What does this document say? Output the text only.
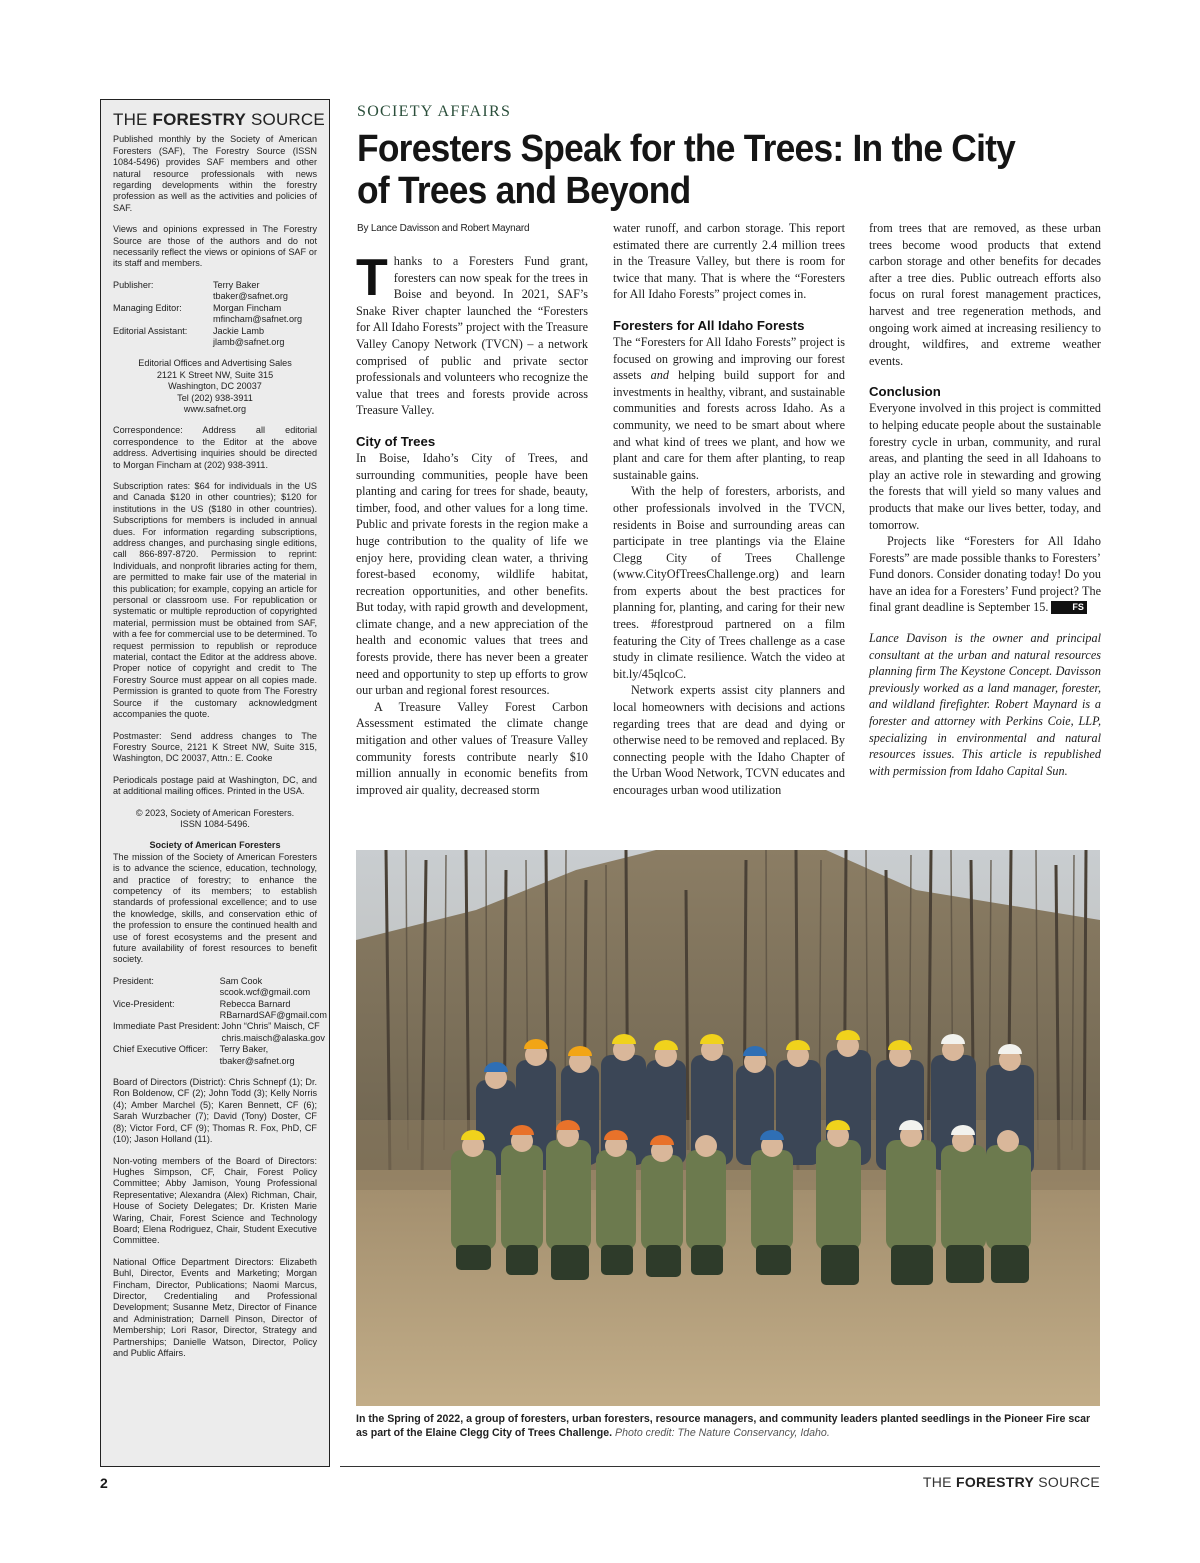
THE FORESTRY SOURCE

Published monthly by the Society of American Foresters (SAF), The Forestry Source (ISSN 1084-5496) provides SAF members and other natural resource professionals with news regarding developments within the forestry profession as well as the activities and policies of SAF.

Views and opinions expressed in The Forestry Source are those of the authors and do not necessarily reflect the views or opinions of SAF or its staff and members.

Publisher:	Terry Baker
tbaker@safnet.org
Managing Editor:	Morgan Fincham
mfincham@safnet.org
Editorial Assistant:	Jackie Lamb
jlamb@safnet.org
Editorial Offices and Advertising Sales
2121 K Street NW, Suite 315
Washington, DC 20037
Tel (202) 938-3911
www.safnet.org

Correspondence: Address all editorial correspondence to the Editor at the above address. Advertising inquiries should be directed to Morgan Fincham at (202) 938-3911.

Subscription rates: $64 for individuals in the US and Canada $120 in other countries); $120 for institutions in the US ($180 in other countries). Subscriptions for members is included in annual dues. For information regarding subscriptions, address changes, and purchasing single editions, call 866-897-8720. Permission to reprint: Individuals, and nonprofit libraries acting for them, are permitted to make fair use of the material in this publication; for example, copying an article for personal or classroom use. For republication or systematic or multiple reproduction of copyrighted material, permission must be obtained from SAF, with a fee for commercial use to be determined. To request permission to republish or reproduce material, contact the Editor at the address above. Proper notice of copyright and credit to The Forestry Source must appear on all copies made. Permission is granted to quote from The Forestry Source if the customary acknowledgment accompanies the quote.

Postmaster: Send address changes to The Forestry Source, 2121 K Street NW, Suite 315, Washington, DC 20037, Attn.: E. Cooke

Periodicals postage paid at Washington, DC, and at additional mailing offices. Printed in the USA.

© 2023, Society of American Foresters.
ISSN 1084-5496.

Society of American Foresters

The mission of the Society of American Foresters is to advance the science, education, technology, and practice of forestry; to enhance the competency of its members; to establish standards of professional excellence; and to use the knowledge, skills, and conservation ethic of the profession to ensure the continued health and use of forest ecosystems and the present and future availability of forest resources to benefit society.

President:	Sam Cook
scook.wcf@gmail.com
Vice-President:	Rebecca Barnard
RBarnardSAF@gmail.com
Immediate Past President:	John “Chris” Maisch, CF
chris.maisch@alaska.gov
Chief Executive Officer:	Terry Baker,
tbaker@safnet.org

Board of Directors (District): Chris Schnepf (1); Dr. Ron Boldenow, CF (2); John Todd (3); Kelly Norris (4); Amber Marchel (5); Karen Bennett, CF (6); Sarah Wurzbacher (7); David (Tony) Doster, CF (8); Victor Ford, CF (9); Thomas R. Fox, PhD, CF (10); Jason Holland (11).

Non-voting members of the Board of Directors: Hughes Simpson, CF, Chair, Forest Policy Committee; Abby Jamison, Young Professional Representative; Alexandra (Alex) Richman, Chair, House of Society Delegates; Dr. Kristen Marie Waring, Chair, Forest Science and Technology Board; Elena Rodriguez, Chair, Student Executive Committee.

National Office Department Directors: Elizabeth Buhl, Director, Events and Marketing; Morgan Fincham, Director, Publications; Naomi Marcus, Director, Credentialing and Professional Development; Susanne Metz, Director of Finance and Administration; Darnell Pinson, Director of Membership; Lori Rasor, Director, Strategy and Partnerships; Danielle Watson, Director, Policy and Public Affairs.

SOCIETY AFFAIRS
Foresters Speak for the Trees: In the City of Trees and Beyond
By Lance Davisson and Robert Maynard

Thanks to a Foresters Fund grant, foresters can now speak for the trees in Boise and beyond. In 2021, SAF’s Snake River chapter launched the “Foresters for All Idaho Forests” project with the Treasure Valley Canopy Network (TVCN) – a network comprised of public and private sector professionals and volunteers who recognize the value that trees and forests provide across Treasure Valley.

City of Trees

In Boise, Idaho’s City of Trees, and surrounding communities, people have been planting and caring for trees for shade, beauty, timber, food, and other values for a long time. Public and private forests in the region make a huge contribution to the quality of life we enjoy here, providing clean water, a thriving forest-based economy, wildlife habitat, recreation opportunities, and other benefits. But today, with rapid growth and development, climate change, and a new appreciation of the health and economic values that trees and forests provide, there has never been a greater need and opportunity to step up efforts to grow our urban and regional forest resources.

A Treasure Valley Forest Carbon Assessment estimated the climate change mitigation and other values of Treasure Valley community forests contribute nearly $10 million annually in economic benefits from improved air quality, decreased storm

water runoff, and carbon storage. This report estimated there are currently 2.4 million trees in the Treasure Valley, but there is room for twice that many. That is where the “Foresters for All Idaho Forests” project comes in.

Foresters for All Idaho Forests

The “Foresters for All Idaho Forests” project is focused on growing and improving our forest assets and helping build support for and investments in healthy, vibrant, and sustainable communities and forests across Idaho. As a community, we need to be smart about where and what kind of trees we plant, and how we plant and care for them after planting, to reap sustainable gains.

With the help of foresters, arborists, and other professionals involved in the TVCN, residents in Boise and surrounding areas can participate in tree plantings via the Elaine Clegg City of Trees Challenge (www.CityOfTreesChallenge.org) and learn from experts about the best practices for planning for, planting, and caring for their new trees. #forestproud partnered on a film featuring the City of Trees challenge as a case study in climate resilience. Watch the video at bit.ly/45qlcoC.

Network experts assist city planners and local homeowners with decisions and actions regarding trees that are dead and dying or otherwise need to be removed and replaced. By connecting people with the Idaho Chapter of the Urban Wood Network, TCVN educates and encourages urban wood utilization

from trees that are removed, as these urban trees become wood products that extend carbon storage and other benefits for decades after a tree dies. Public outreach efforts also focus on rural forest management practices, harvest and tree regeneration methods, and ongoing work aimed at increasing resiliency to drought, wildfires, and extreme weather events.

Conclusion

Everyone involved in this project is committed to helping educate people about the sustainable forestry cycle in urban, community, and rural areas, and planting the seed in all Idahoans to play an active role in stewarding and growing the forests that will yield so many values and products that make our lives better, today, and tomorrow.

Projects like “Foresters for All Idaho Forests” are made possible thanks to Foresters’ Fund donors. Consider donating today! Do you have an idea for a Foresters’ Fund project? The final grant deadline is September 15.	FS

Lance Davison is the owner and principal consultant at the urban and natural resources planning firm The Keystone Concept. Davisson previously worked as a land manager, forester, and wildland firefighter. Robert Maynard is a forester and attorney with Perkins Coie, LLP, specializing in environmental and natural resources issues. This article is republished with permission from Idaho Capital Sun.

In the Spring of 2022, a group of foresters, urban foresters, resource managers, and community leaders planted seedlings in the Pioneer Fire scar as part of the Elaine Clegg City of Trees Challenge. Photo credit: The Nature Conservancy, Idaho.
2	THE FORESTRY SOURCE
